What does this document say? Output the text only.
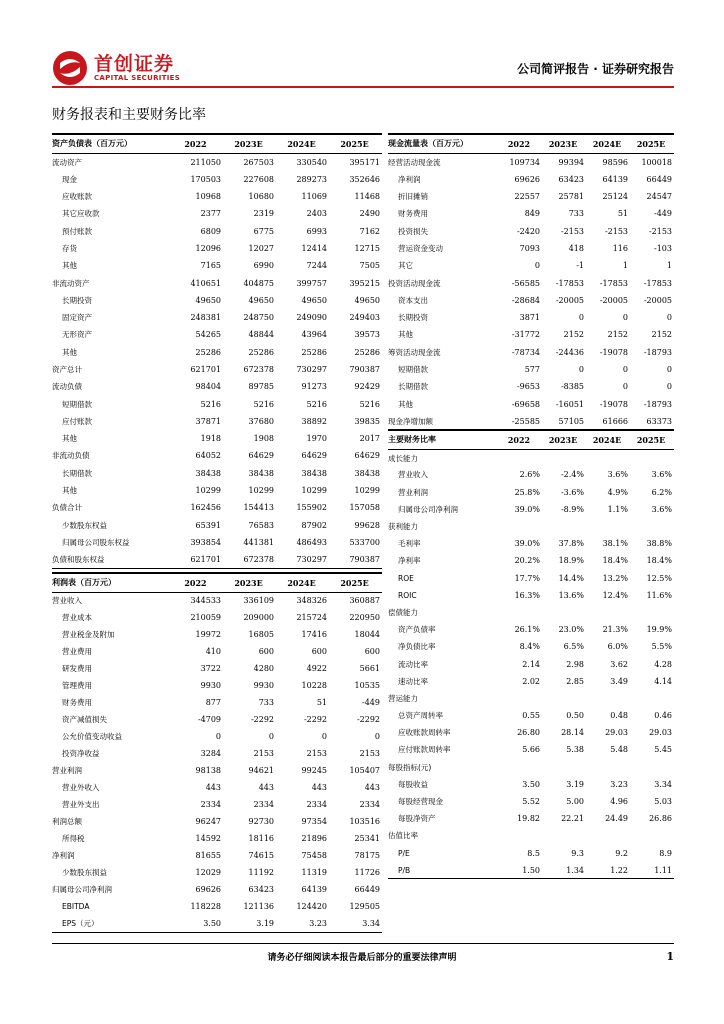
首创证券
CAPITAL SECURITIES
公司简评报告 · 证券研究报告
财务报表和主要财务比率
资产负债表（百万元）	2022	2023E	2024E	2025E
流动资产	211050	267503	330540	395171
现金	170503	227608	289273	352646
应收账款	10968	10680	11069	11468
其它应收款	2377	2319	2403	2490
预付账款	6809	6775	6993	7162
存货	12096	12027	12414	12715
其他	7165	6990	7244	7505
非流动资产	410651	404875	399757	395215
长期投资	49650	49650	49650	49650
固定资产	248381	248750	249090	249403
无形资产	54265	48844	43964	39573
其他	25286	25286	25286	25286
资产总计	621701	672378	730297	790387
流动负债	98404	89785	91273	92429
短期借款	5216	5216	5216	5216
应付账款	37871	37680	38892	39835
其他	1918	1908	1970	2017
非流动负债	64052	64629	64629	64629
长期借款	38438	38438	38438	38438
其他	10299	10299	10299	10299
负债合计	162456	154413	155902	157058
少数股东权益	65391	76583	87902	99628
归属母公司股东权益	393854	441381	486493	533700
负债和股东权益	621701	672378	730297	790387
利润表（百万元）	2022	2023E	2024E	2025E
营业收入	344533	336109	348326	360887
营业成本	210059	209000	215724	220950
营业税金及附加	19972	16805	17416	18044
营业费用	410	600	600	600
研发费用	3722	4280	4922	5661
管理费用	9930	9930	10228	10535
财务费用	877	733	51	-449
资产减值损失	-4709	-2292	-2292	-2292
公允价值变动收益	0	0	0	0
投资净收益	3284	2153	2153	2153
营业利润	98138	94621	99245	105407
营业外收入	443	443	443	443
营业外支出	2334	2334	2334	2334
利润总额	96247	92730	97354	103516
所得税	14592	18116	21896	25341
净利润	81655	74615	75458	78175
少数股东损益	12029	11192	11319	11726
归属母公司净利润	69626	63423	64139	66449
EBITDA	118228	121136	124420	129505
EPS（元）	3.50	3.19	3.23	3.34
现金流量表（百万元）	2022	2023E	2024E	2025E
经营活动现金流	109734	99394	98596	100018
净利润	69626	63423	64139	66449
折旧摊销	22557	25781	25124	24547
财务费用	849	733	51	-449
投资损失	-2420	-2153	-2153	-2153
营运资金变动	7093	418	116	-103
其它	0	-1	1	1
投资活动现金流	-56585	-17853	-17853	-17853
资本支出	-28684	-20005	-20005	-20005
长期投资	3871	0	0	0
其他	-31772	2152	2152	2152
筹资活动现金流	-78734	-24436	-19078	-18793
短期借款	577	0	0	0
长期借款	-9653	-8385	0	0
其他	-69658	-16051	-19078	-18793
现金净增加额	-25585	57105	61666	63373
主要财务比率	2022	2023E	2024E	2025E
成长能力				
营业收入	2.6%	-2.4%	3.6%	3.6%
营业利润	25.8%	-3.6%	4.9%	6.2%
归属母公司净利润	39.0%	-8.9%	1.1%	3.6%
获利能力				
毛利率	39.0%	37.8%	38.1%	38.8%
净利率	20.2%	18.9%	18.4%	18.4%
ROE	17.7%	14.4%	13.2%	12.5%
ROIC	16.3%	13.6%	12.4%	11.6%
偿债能力				
资产负债率	26.1%	23.0%	21.3%	19.9%
净负债比率	8.4%	6.5%	6.0%	5.5%
流动比率	2.14	2.98	3.62	4.28
速动比率	2.02	2.85	3.49	4.14
营运能力				
总资产周转率	0.55	0.50	0.48	0.46
应收账款周转率	26.80	28.14	29.03	29.03
应付账款周转率	5.66	5.38	5.48	5.45
每股指标(元)				
每股收益	3.50	3.19	3.23	3.34
每股经营现金	5.52	5.00	4.96	5.03
每股净资产	19.82	22.21	24.49	26.86
估值比率				
P/E	8.5	9.3	9.2	8.9
P/B	1.50	1.34	1.22	1.11
请务必仔细阅读本报告最后部分的重要法律声明	1
